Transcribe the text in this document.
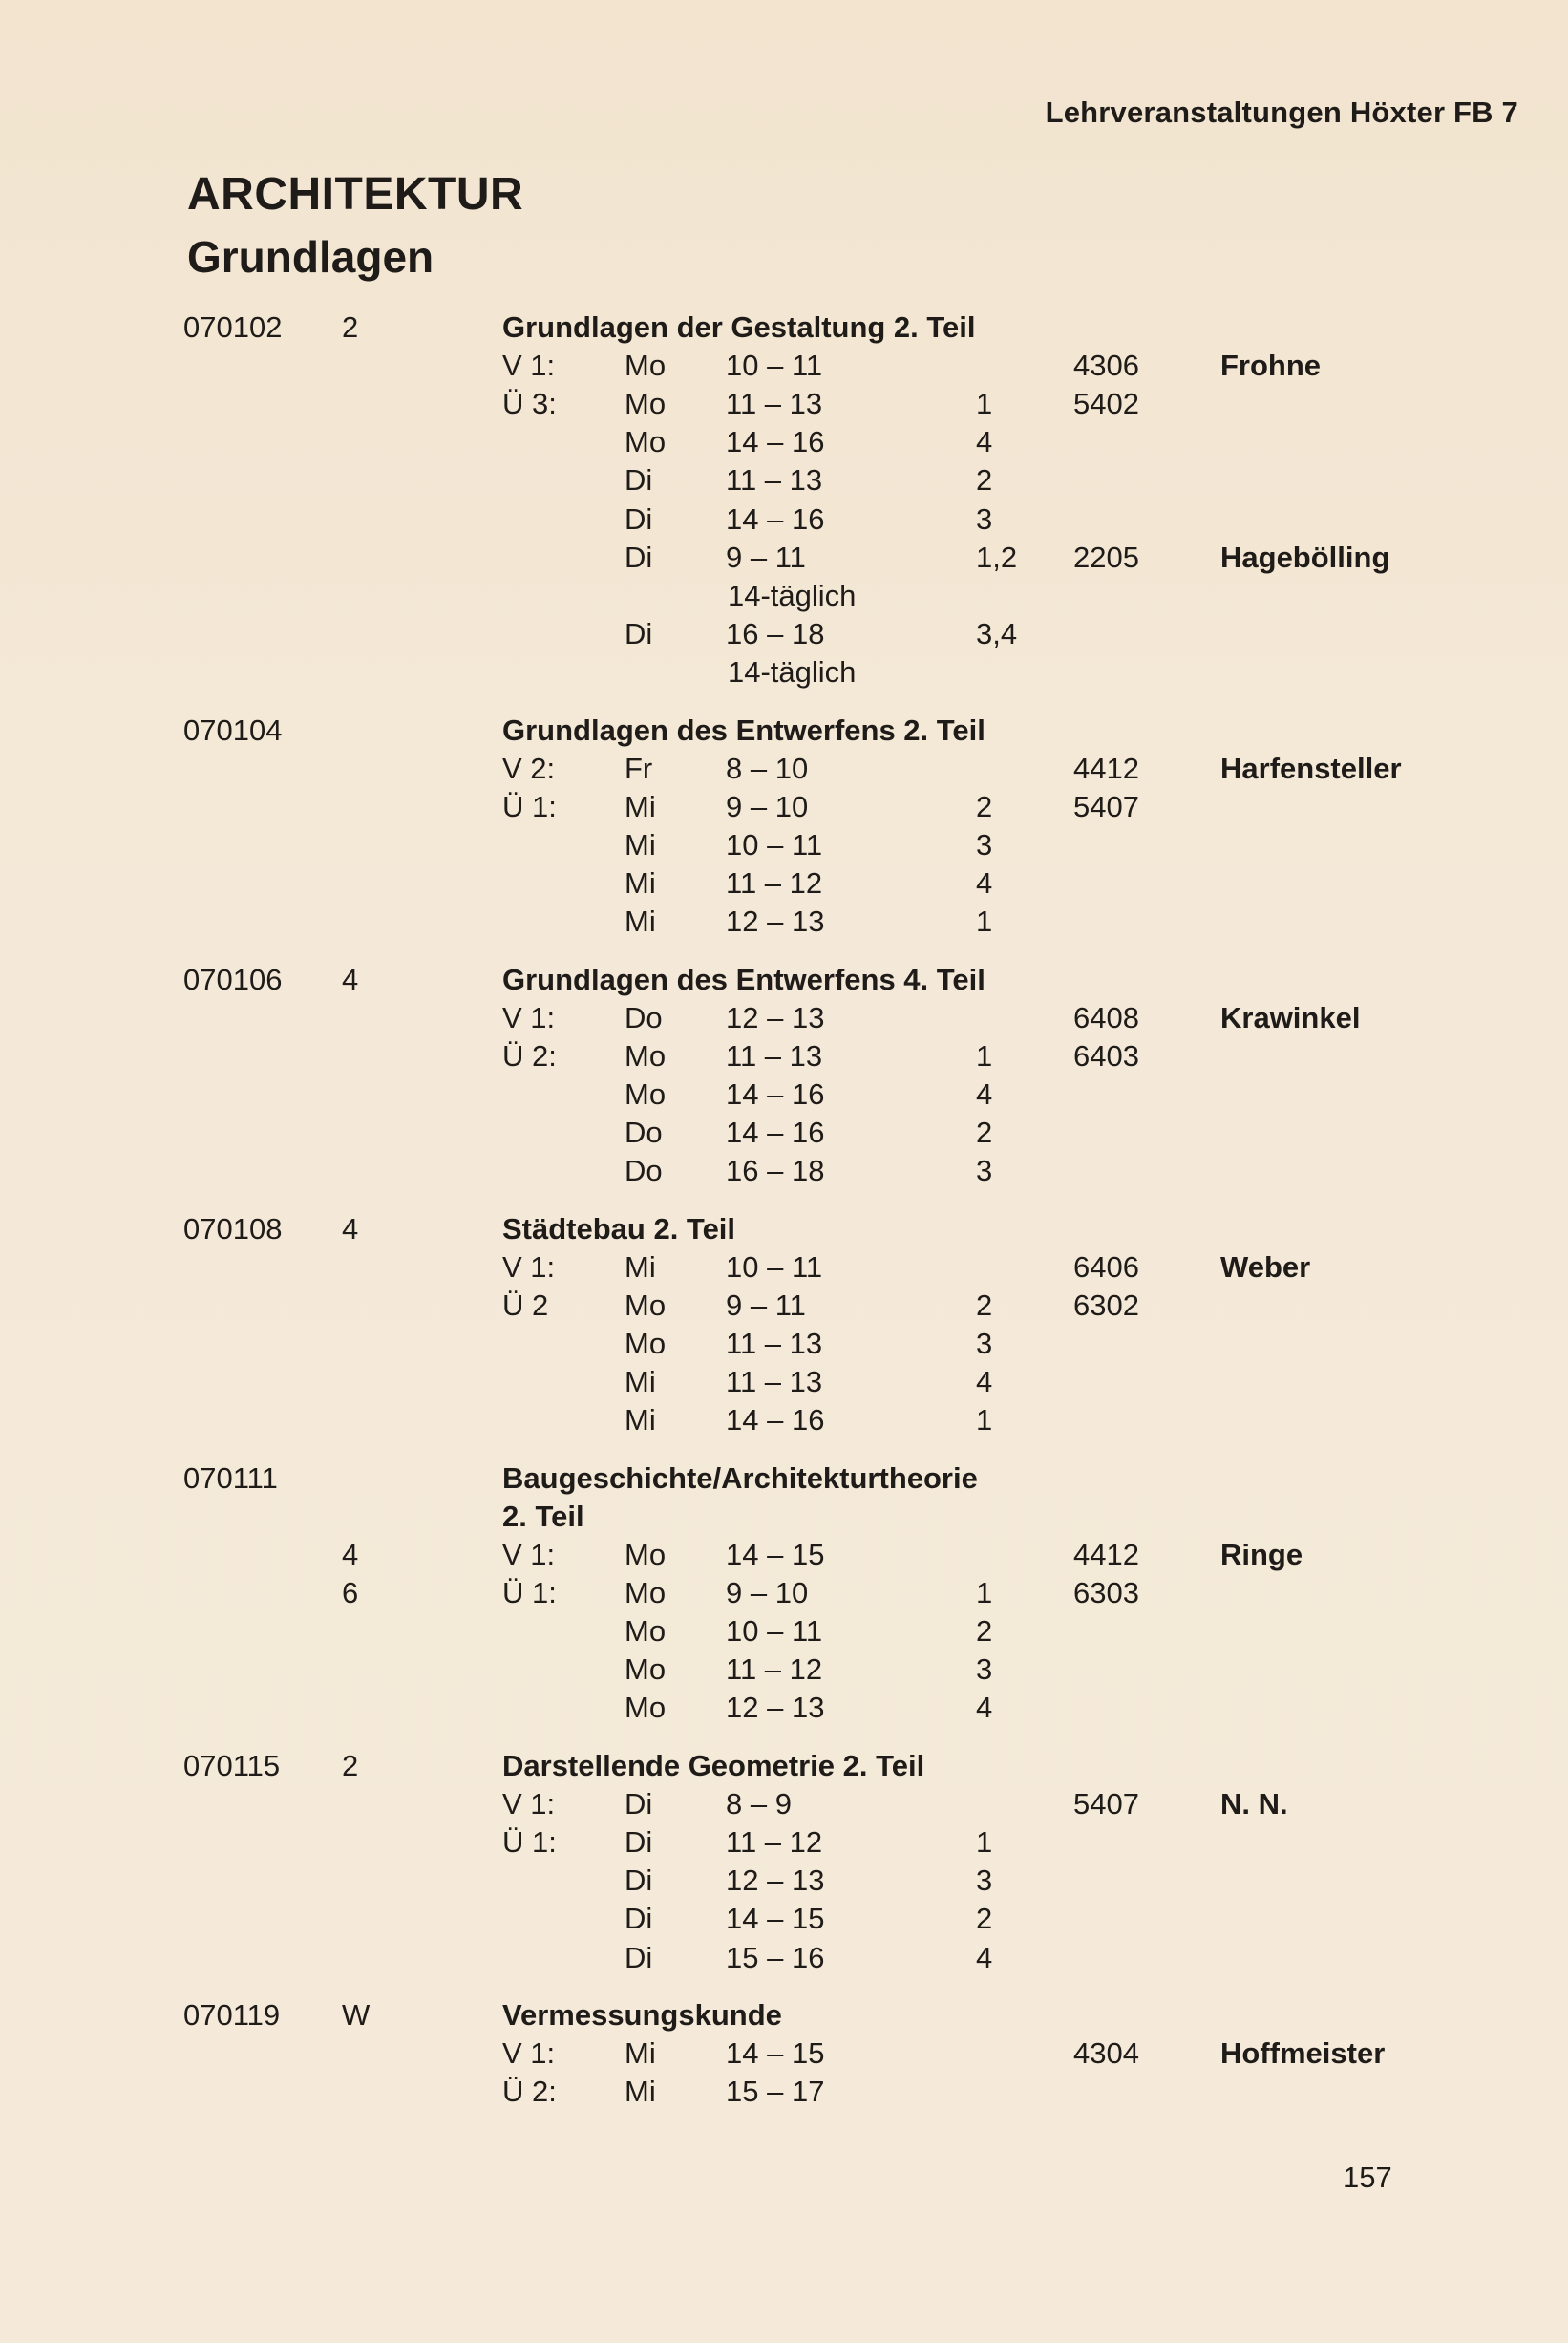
Lehrveranstaltungen Höxter FB 7
ARCHITEKTUR
Grundlagen
070102 2	Grundlagen der Gestaltung 2. Teil
V 1: Mo 10 – 11	4306	Frohne
Ü 3: Mo 11 – 13	1	5402
Mo 14 – 16	4
Di 11 – 13	2
Di 14 – 16	3
Di 9 – 11	1,2 2205	Hagebölling
14-täglich
Di 16 – 18	3,4
14-täglich
070104	Grundlagen des Entwerfens 2. Teil
V 2: Fr 8 – 10	4412	Harfensteller
Ü 1: Mi 9 – 10	2	5407
Mi 10 – 11	3
Mi 11 – 12	4
Mi 12 – 13	1
070106 4	Grundlagen des Entwerfens 4. Teil
V 1: Do 12 – 13	6408	Krawinkel
Ü 2: Mo 11 – 13	1	6403
Mo 14 – 16	4
Do 14 – 16	2
Do 16 – 18	3
070108 4	Städtebau 2. Teil
V 1: Mi 10 – 11	6406	Weber
Ü 2	Mo 9 – 11	2	6302
Mo 11 – 13	3
Mi 11 – 13	4
Mi 14 – 16	1
070111	Baugeschichte/Architekturtheorie
2. Teil
4	V 1: Mo 14 – 15	4412	Ringe
6	Ü 1: Mo 9 – 10	1	6303
Mo 10 – 11	2
Mo 11 – 12	3
Mo 12 – 13	4
070115 2	Darstellende Geometrie 2. Teil
V 1: Di 8 – 9	5407	N. N.
Ü 1: Di 11 – 12	1
Di 12 – 13	3
Di 14 – 15	2
Di 15 – 16	4
070119 W	Vermessungskunde
V 1: Mi 14 – 15	4304	Hoffmeister
Ü 2: Mi 15 – 17
157
